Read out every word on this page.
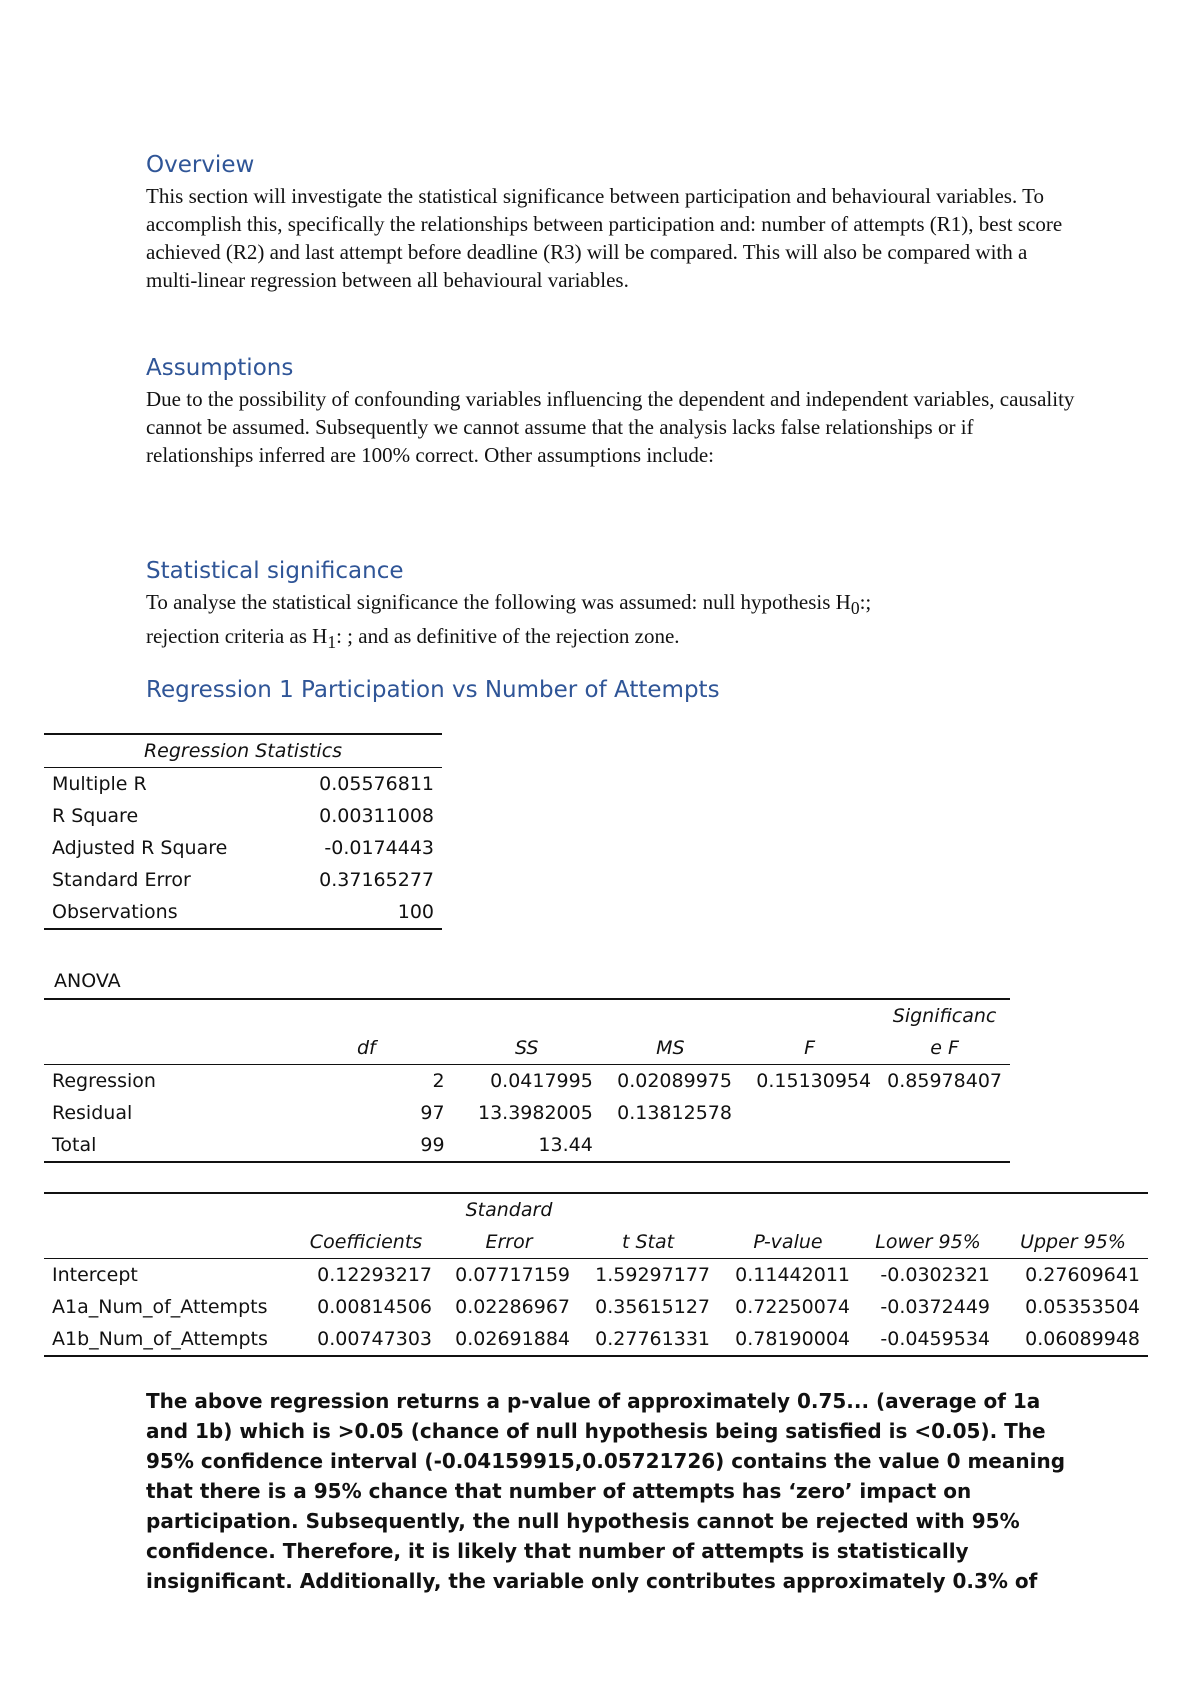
Overview

This section will investigate the statistical significance between participation and behavioural variables. To accomplish this, specifically the relationships between participation and: number of attempts (R1), best score achieved (R2) and last attempt before deadline (R3) will be compared. This will also be compared with a multi-linear regression between all behavioural variables.

Assumptions

Due to the possibility of confounding variables influencing the dependent and independent variables, causality cannot be assumed. Subsequently we cannot assume that the analysis lacks false relationships or if relationships inferred are 100% correct. Other assumptions include:

Statistical significance

To analyse the statistical significance the following was assumed: null hypothesis $H_0$:;
rejection criteria as $H_1$: ; and as definitive of the rejection zone.

Regression 1 Participation vs Number of Attempts
Regression Statistics	
Multiple R	0.05576811
R Square	0.00311008
Adjusted R Square	-0.0174443
Standard Error	0.37165277
Observations	100

ANOVA

					Significanc
	df	SS	MS	F	e F
Regression	2	0.0417995	0.02089975	0.15130954	0.85978407
Residual	97	13.3982005	0.13812578		
Total	99	13.44			
		Standard				
	Coefficients	Error	t Stat	P-value	Lower 95%	Upper 95%
Intercept	0.12293217	0.07717159	1.59297177	0.11442011	-0.0302321	0.27609641
A1a_Num_of_Attempts	0.00814506	0.02286967	0.35615127	0.72250074	-0.0372449	0.05353504
A1b_Num_of_Attempts	0.00747303	0.02691884	0.27761331	0.78190004	-0.0459534	0.06089948

The above regression returns a p-value of approximately 0.75... (average of 1a and 1b) which is >0.05 (chance of null hypothesis being satisfied is <0.05). The 95% confidence interval (-0.04159915,0.05721726) contains the value 0 meaning that there is a 95% chance that number of attempts has ‘zero’ impact on participation. Subsequently, the null hypothesis cannot be rejected with 95% confidence. Therefore, it is likely that number of attempts is statistically insignificant. Additionally, the variable only contributes approximately 0.3% of
